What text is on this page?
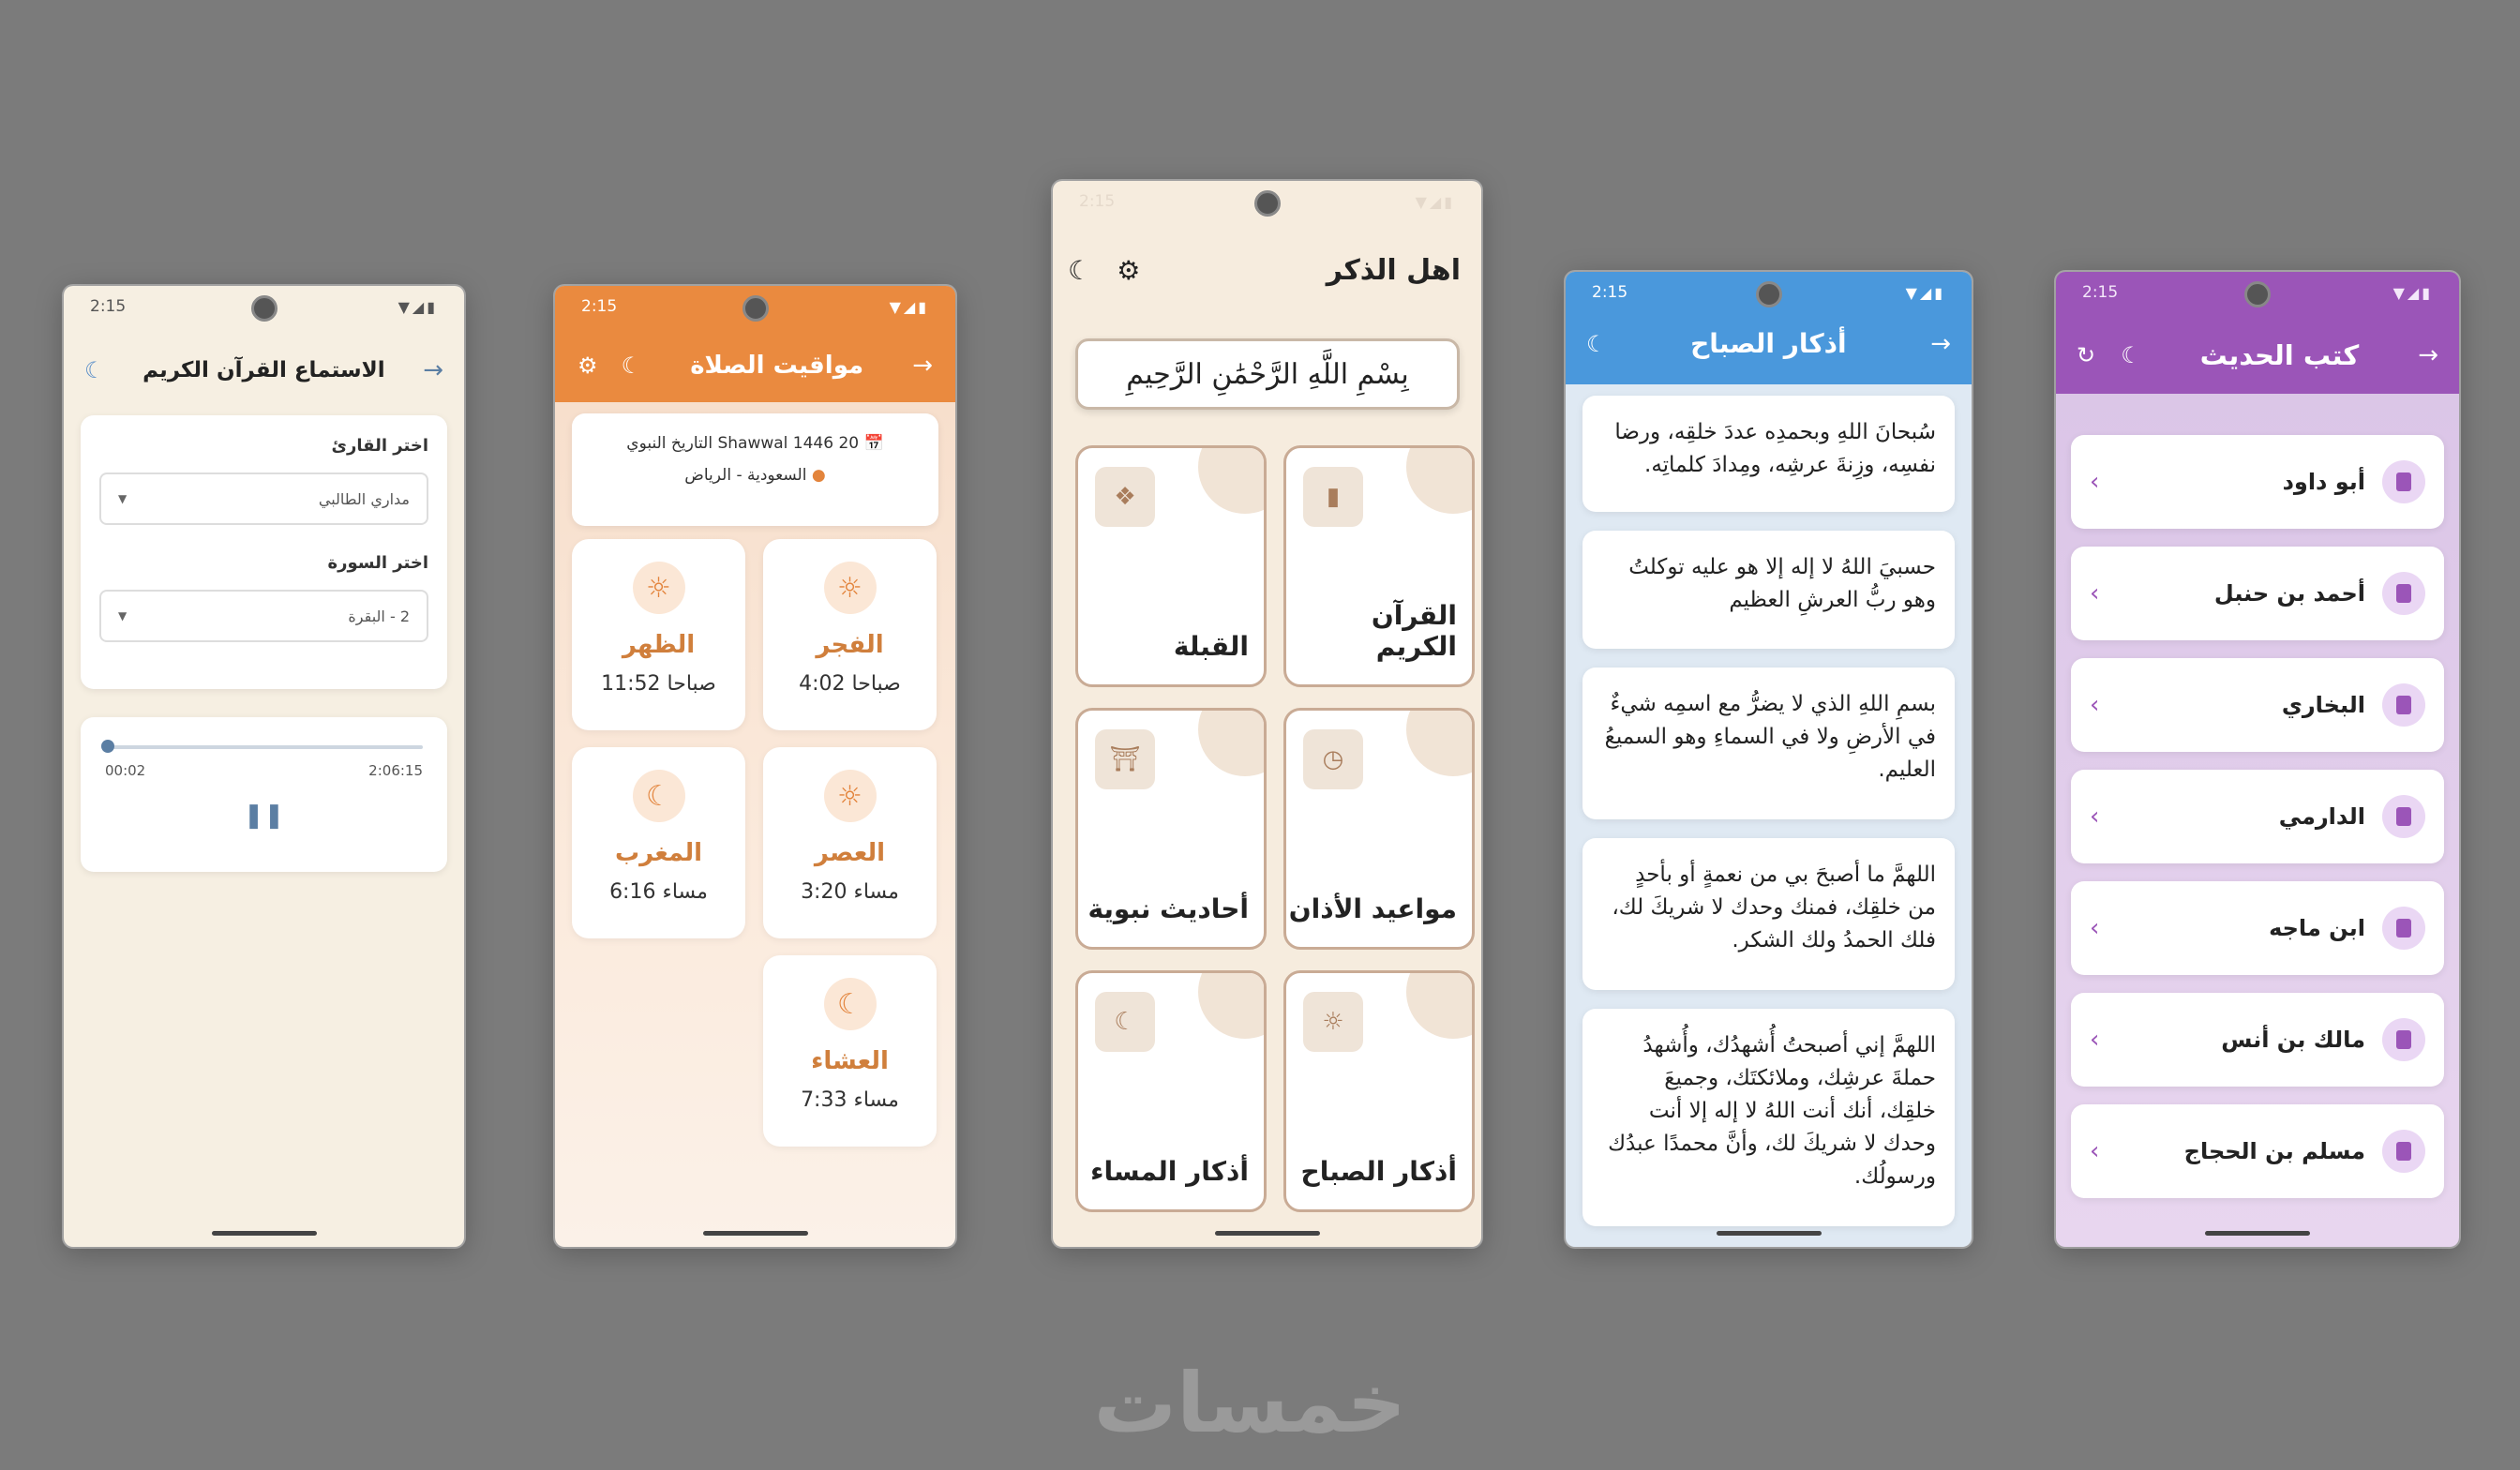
2:15	▼◢▮
☾ الاستماع القرآن الكريم →
اختر القارئ
مداري الطالبي
▼
اختر السورة
2 - البقرة
▼
00:02	2:06:15
❚❚
2:15	▼◢▮
⚙ ☾ مواقيت الصلاة →
📅 20 Shawwal 1446 التاريخ النبوي
● السعودية - الرياض
☼
الفجر
4:02 صباحا
☼
الظهر
11:52 صباحا
☼
العصر
3:20 مساء
☾
المغرب
6:16 مساء
☾
العشاء
7:33 مساء
2:15	▼◢▮
☾ ⚙	اهل الذكر
بِسْمِ اللَّهِ الرَّحْمَٰنِ الرَّحِيمِ
❖
القبلة
▮
القرآن الكريم
⛩
أحاديث نبوية
◷
مواعيد الأذان
☾
أذكار المساء
☼
أذكار الصباح
2:15	▼◢▮
☾	أذكار الصباح	→
سُبحانَ اللهِ وبحمدِه عددَ خلقِه، ورضا نفسِه، وزِنةَ عرشِه، ومِدادَ كلماتِه.
حسبيَ اللهُ لا إله إلا هو عليه توكلتُ وهو ربُّ العرشِ العظيم
بسمِ اللهِ الذي لا يضرُّ مع اسمِه شيءٌ في الأرضِ ولا في السماءِ وهو السميعُ العليم.
اللهمَّ ما أصبحَ بي من نعمةٍ أو بأحدٍ من خلقِك، فمنك وحدك لا شريكَ لك، فلك الحمدُ ولك الشكر.
اللهمَّ إني أصبحتُ أُشهدُك، وأُشهدُ حملةَ عرشِك، وملائكتَك، وجميعَ خلقِك، أنك أنت اللهُ لا إله إلا أنت وحدك لا شريكَ لك، وأنَّ محمدًا عبدُك ورسولُك.
2:15	▼◢▮
↻ ☾ كتب الحديث →
‹	أبو داود
‹	أحمد بن حنبل
‹	البخاري
‹	الدارمي
‹	ابن ماجه
‹	مالك بن أنس
‹	مسلم بن الحجاج
خمسات
